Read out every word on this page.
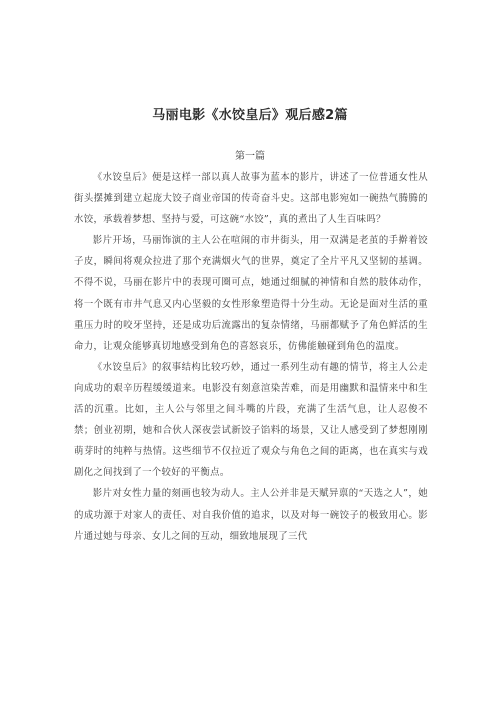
马丽电影《水饺皇后》观后感2篇
第一篇

《水饺皇后》便是这样一部以真人故事为蓝本的影片，讲述了一位普通女性从街头摆摊到建立起庞大饺子商业帝国的传奇奋斗史。这部电影宛如一碗热气腾腾的水饺，承载着梦想、坚持与爱，可这碗“水饺”，真的煮出了人生百味吗？

影片开场，马丽饰演的主人公在喧闹的市井街头，用一双满是老茧的手擀着饺子皮，瞬间将观众拉进了那个充满烟火气的世界，奠定了全片平凡又坚韧的基调。不得不说，马丽在影片中的表现可圈可点，她通过细腻的神情和自然的肢体动作，将一个既有市井气息又内心坚毅的女性形象塑造得十分生动。无论是面对生活的重重压力时的咬牙坚持，还是成功后流露出的复杂情绪，马丽都赋予了角色鲜活的生命力，让观众能够真切地感受到角色的喜怒哀乐，仿佛能触碰到角色的温度。

《水饺皇后》的叙事结构比较巧妙，通过一系列生动有趣的情节，将主人公走向成功的艰辛历程缓缓道来。电影没有刻意渲染苦难，而是用幽默和温情来中和生活的沉重。比如，主人公与邻里之间斗嘴的片段，充满了生活气息，让人忍俊不禁；创业初期，她和合伙人深夜尝试新饺子馅料的场景，又让人感受到了梦想刚刚萌芽时的纯粹与热情。这些细节不仅拉近了观众与角色之间的距离，也在真实与戏剧化之间找到了一个较好的平衡点。

影片对女性力量的刻画也较为动人。主人公并非是天赋异禀的“天选之人”，她的成功源于对家人的责任、对自我价值的追求，以及对每一碗饺子的极致用心。影片通过她与母亲、女儿之间的互动，细致地展现了三代
